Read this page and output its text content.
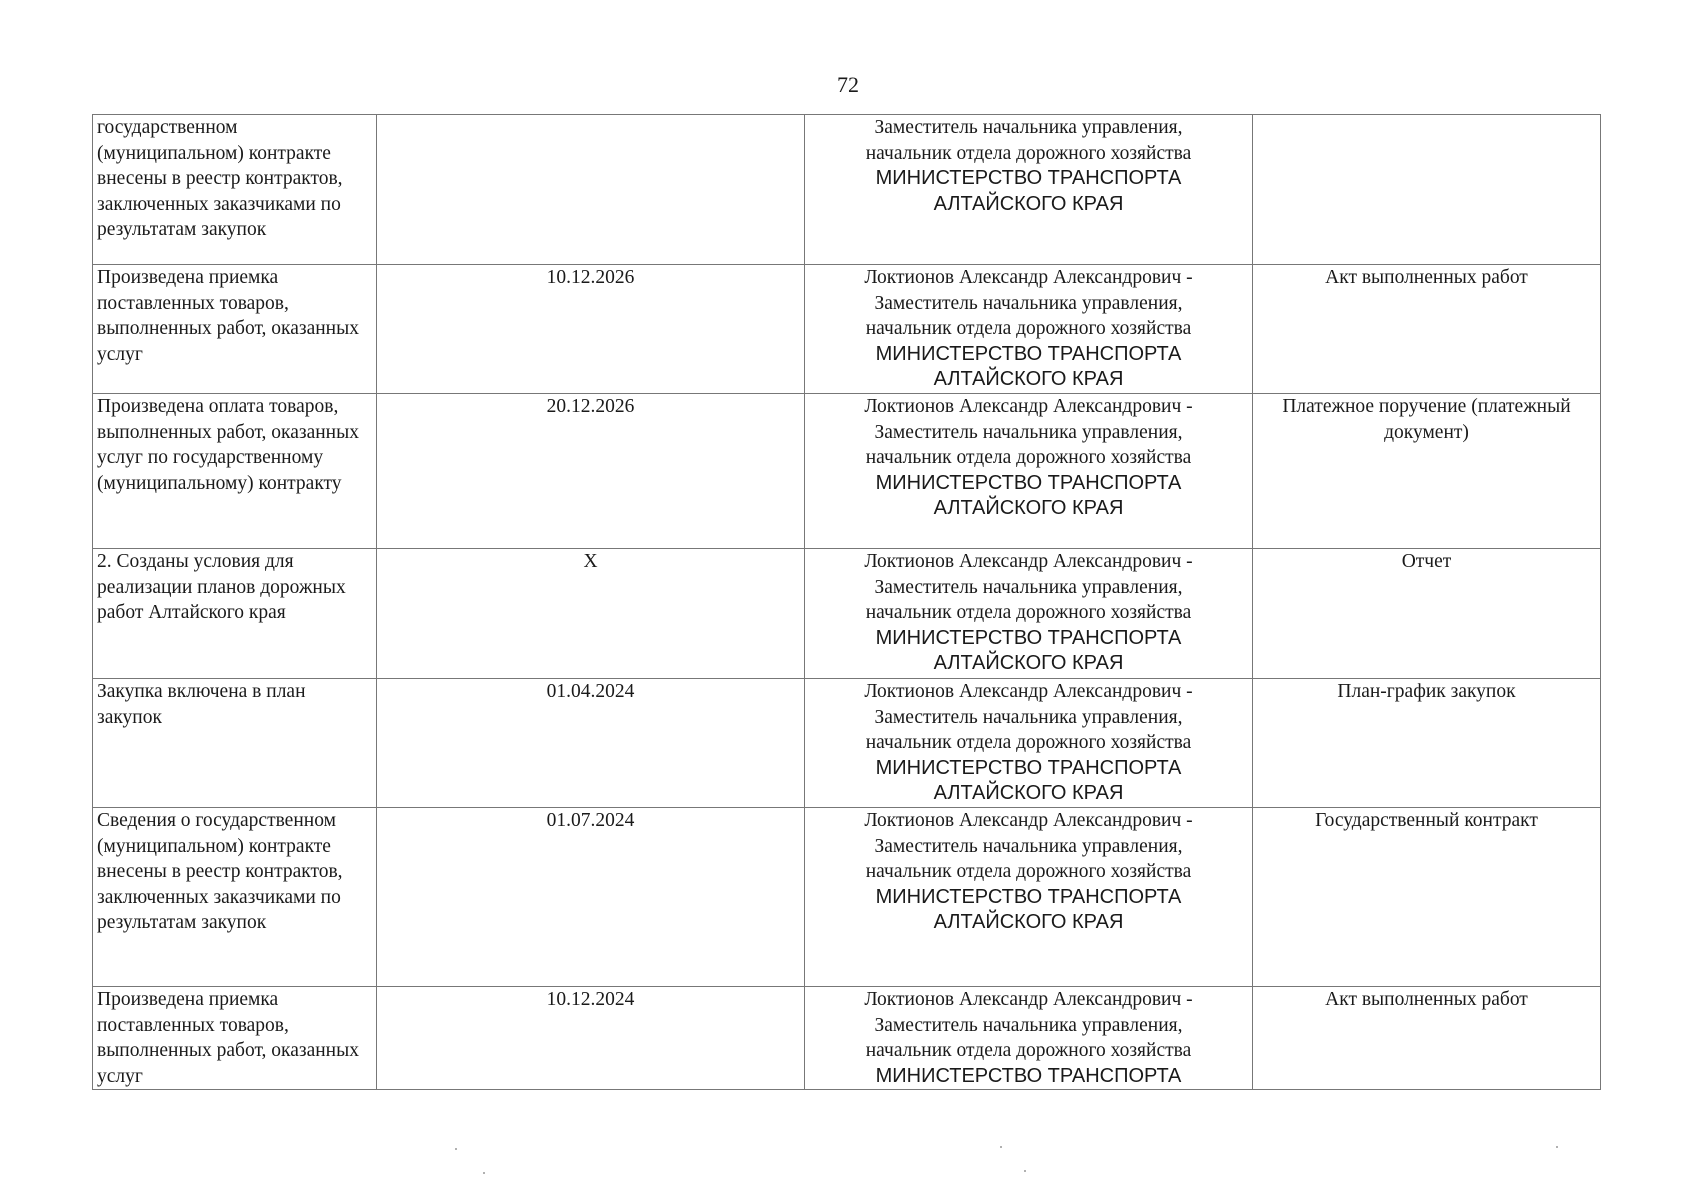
72
государственном (муниципальном) контракте внесены в реестр контрактов, заключенных заказчиками по результатам закупок		Заместитель начальника управления,
начальник отдела дорожного хозяйства
МИНИСТЕРСТВО ТРАНСПОРТА
АЛТАЙСКОГО КРАЯ	

Произведена приемка поставленных товаров, выполненных работ, оказанных услуг	10.12.2026	Локтионов Александр Александрович -
Заместитель начальника управления,
начальник отдела дорожного хозяйства
МИНИСТЕРСТВО ТРАНСПОРТА
АЛТАЙСКОГО КРАЯ	Акт выполненных работ
Произведена оплата товаров, выполненных работ, оказанных услуг по государственному (муниципальному) контракту	20.12.2026	Локтионов Александр Александрович -
Заместитель начальника управления,
начальник отдела дорожного хозяйства
МИНИСТЕРСТВО ТРАНСПОРТА
АЛТАЙСКОГО КРАЯ	Платежное поручение (платежный документ)
2. Созданы условия для реализации планов дорожных работ Алтайского края	X	Локтионов Александр Александрович -
Заместитель начальника управления,
начальник отдела дорожного хозяйства
МИНИСТЕРСТВО ТРАНСПОРТА
АЛТАЙСКОГО КРАЯ	Отчет
Закупка включена в план закупок	01.04.2024	Локтионов Александр Александрович -
Заместитель начальника управления,
начальник отдела дорожного хозяйства
МИНИСТЕРСТВО ТРАНСПОРТА
АЛТАЙСКОГО КРАЯ	План-график закупок
Сведения о государственном (муниципальном) контракте внесены в реестр контрактов, заключенных заказчиками по результатам закупок	01.07.2024	Локтионов Александр Александрович -
Заместитель начальника управления,
начальник отдела дорожного хозяйства
МИНИСТЕРСТВО ТРАНСПОРТА
АЛТАЙСКОГО КРАЯ	Государственный контракт
Произведена приемка поставленных товаров, выполненных работ, оказанных услуг	10.12.2024	Локтионов Александр Александрович -
Заместитель начальника управления,
начальник отдела дорожного хозяйства
МИНИСТЕРСТВО ТРАНСПОРТА	Акт выполненных работ
